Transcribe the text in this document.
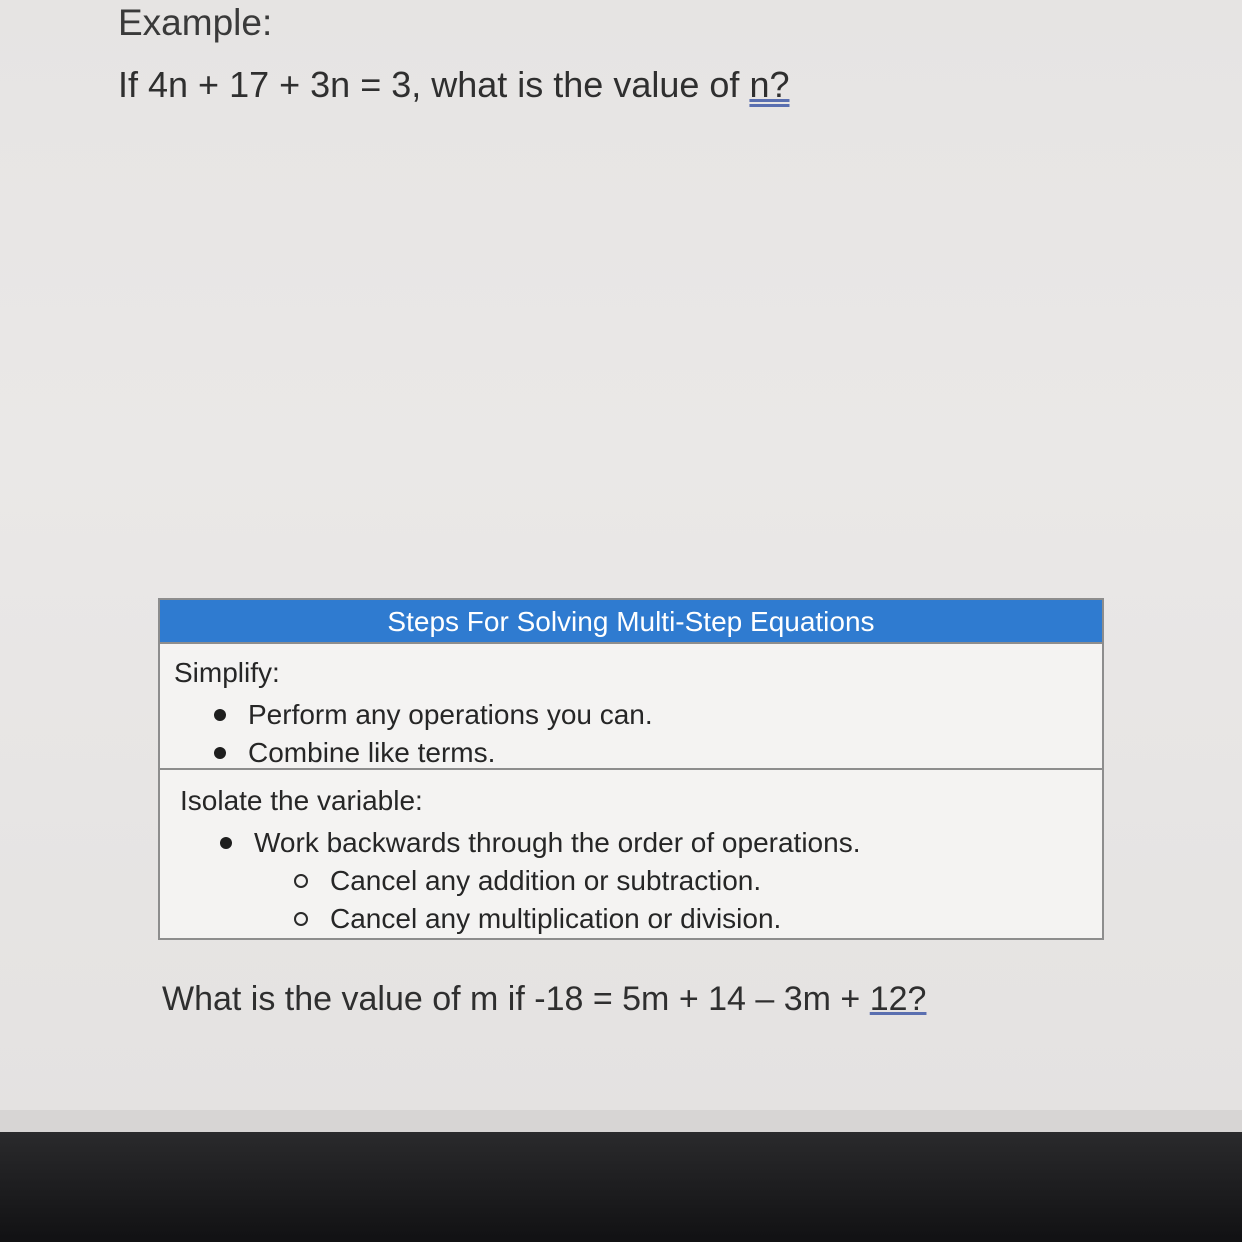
Example:

If 4n + 17 + 3n = 3, what is the value of n?

Steps For Solving Multi-Step Equations
Simplify:
Perform any operations you can.
Combine like terms.
Isolate the variable:
Work backwards through the order of operations.
Cancel any addition or subtraction.
Cancel any multiplication or division.

What is the value of m if -18 = 5m + 14 – 3m + 12?
